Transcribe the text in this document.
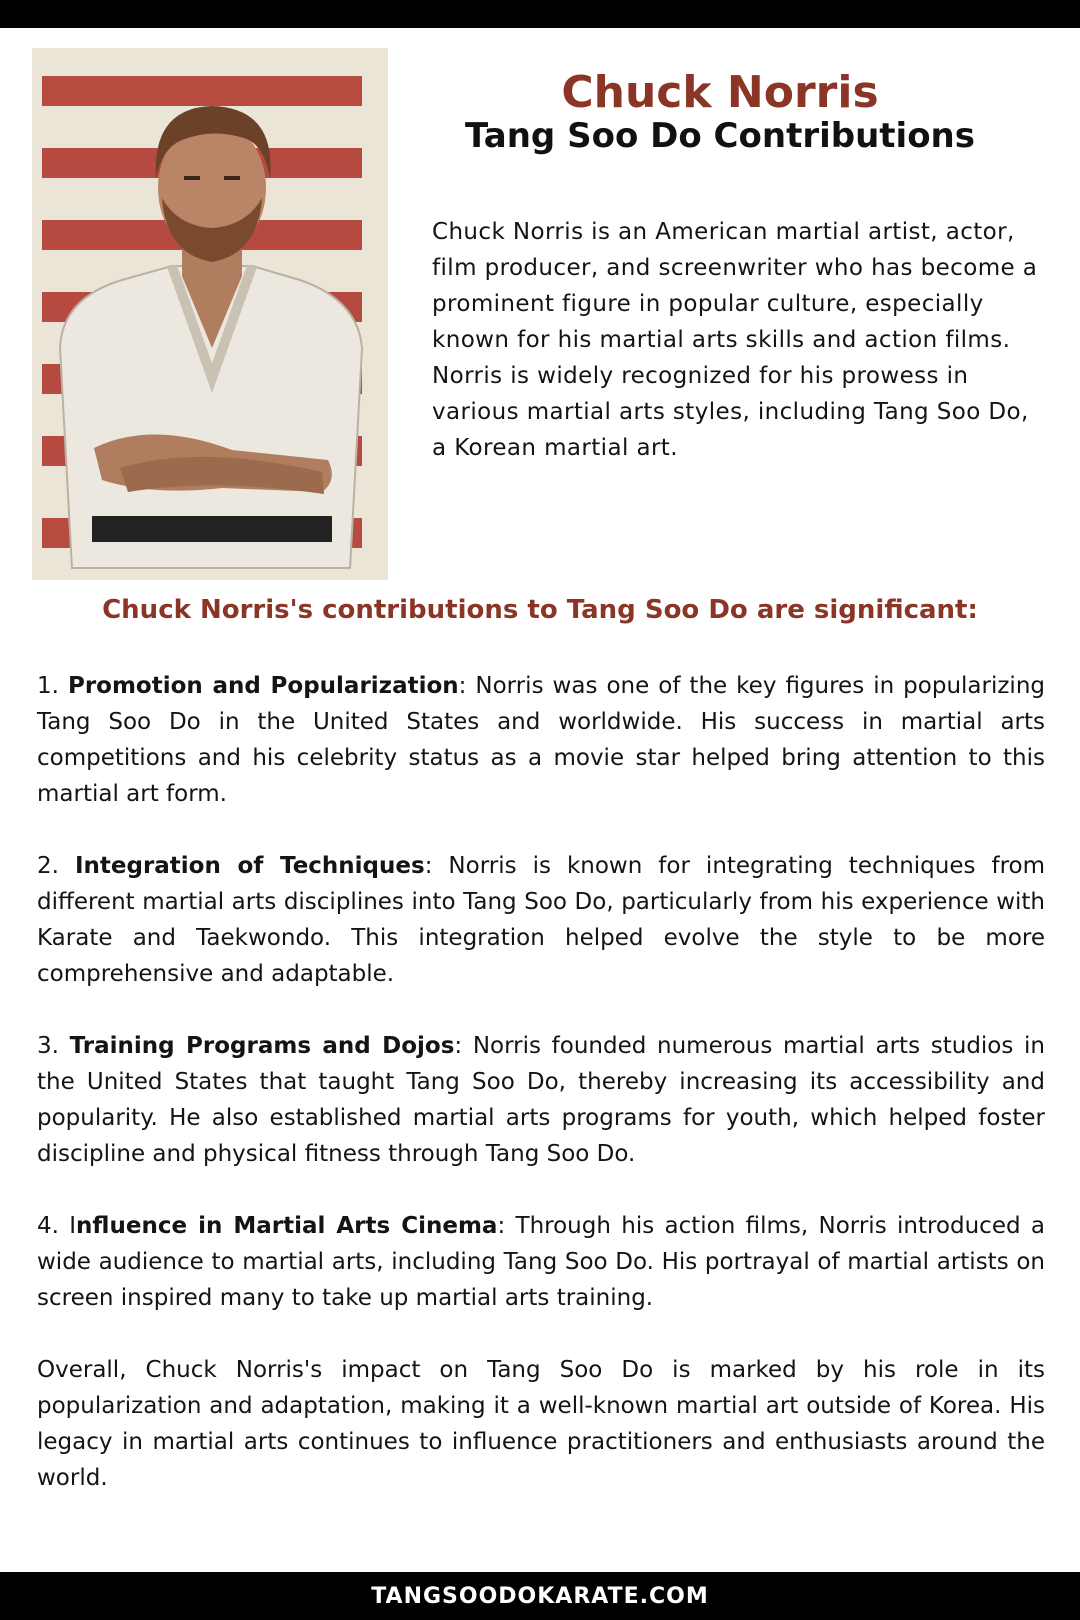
Chuck Norris
Tang Soo Do Contributions
Chuck Norris is an American martial artist, actor, film producer, and screenwriter who has become a prominent figure in popular culture, especially known for his martial arts skills and action films. Norris is widely recognized for his prowess in various martial arts styles, including Tang Soo Do, a Korean martial art.
Chuck Norris's contributions to Tang Soo Do are significant:

1. Promotion and Popularization: Norris was one of the key figures in popularizing Tang Soo Do in the United States and worldwide. His success in martial arts competitions and his celebrity status as a movie star helped bring attention to this martial art form.

2. Integration of Techniques: Norris is known for integrating techniques from different martial arts disciplines into Tang Soo Do, particularly from his experience with Karate and Taekwondo. This integration helped evolve the style to be more comprehensive and adaptable.

3. Training Programs and Dojos: Norris founded numerous martial arts studios in the United States that taught Tang Soo Do, thereby increasing its accessibility and popularity. He also established martial arts programs for youth, which helped foster discipline and physical fitness through Tang Soo Do.

4. Influence in Martial Arts Cinema: Through his action films, Norris introduced a wide audience to martial arts, including Tang Soo Do. His portrayal of martial artists on screen inspired many to take up martial arts training.

Overall, Chuck Norris's impact on Tang Soo Do is marked by his role in its popularization and adaptation, making it a well-known martial art outside of Korea. His legacy in martial arts continues to influence practitioners and enthusiasts around the world.

TANGSOODOKARATE.COM
